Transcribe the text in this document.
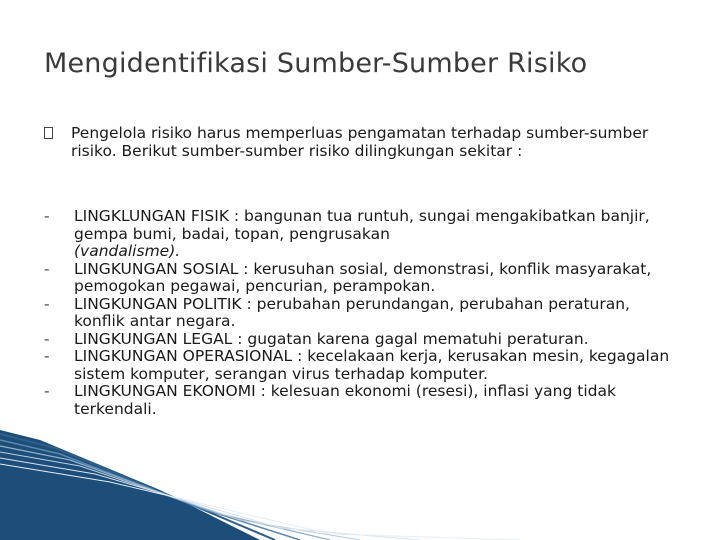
Mengidentifikasi Sumber-Sumber Risiko
Pengelola risiko harus memperluas pengamatan terhadap sumber-sumber risiko. Berikut sumber-sumber risiko dilingkungan sekitar :
- LINGKLUNGAN FISIK : bangunan tua runtuh, sungai mengakibatkan banjir, gempa bumi, badai, topan, pengrusakan
(vandalisme).
- LINGKUNGAN SOSIAL : kerusuhan sosial, demonstrasi, konflik masyarakat, pemogokan pegawai, pencurian, perampokan.
- LINGKUNGAN POLITIK : perubahan perundangan, perubahan peraturan, konflik antar negara.
- LINGKUNGAN LEGAL : gugatan karena gagal mematuhi peraturan.
- LINGKUNGAN OPERASIONAL : kecelakaan kerja, kerusakan mesin, kegagalan sistem komputer, serangan virus terhadap komputer.
- LINGKUNGAN EKONOMI : kelesuan ekonomi (resesi), inflasi yang tidak terkendali.
